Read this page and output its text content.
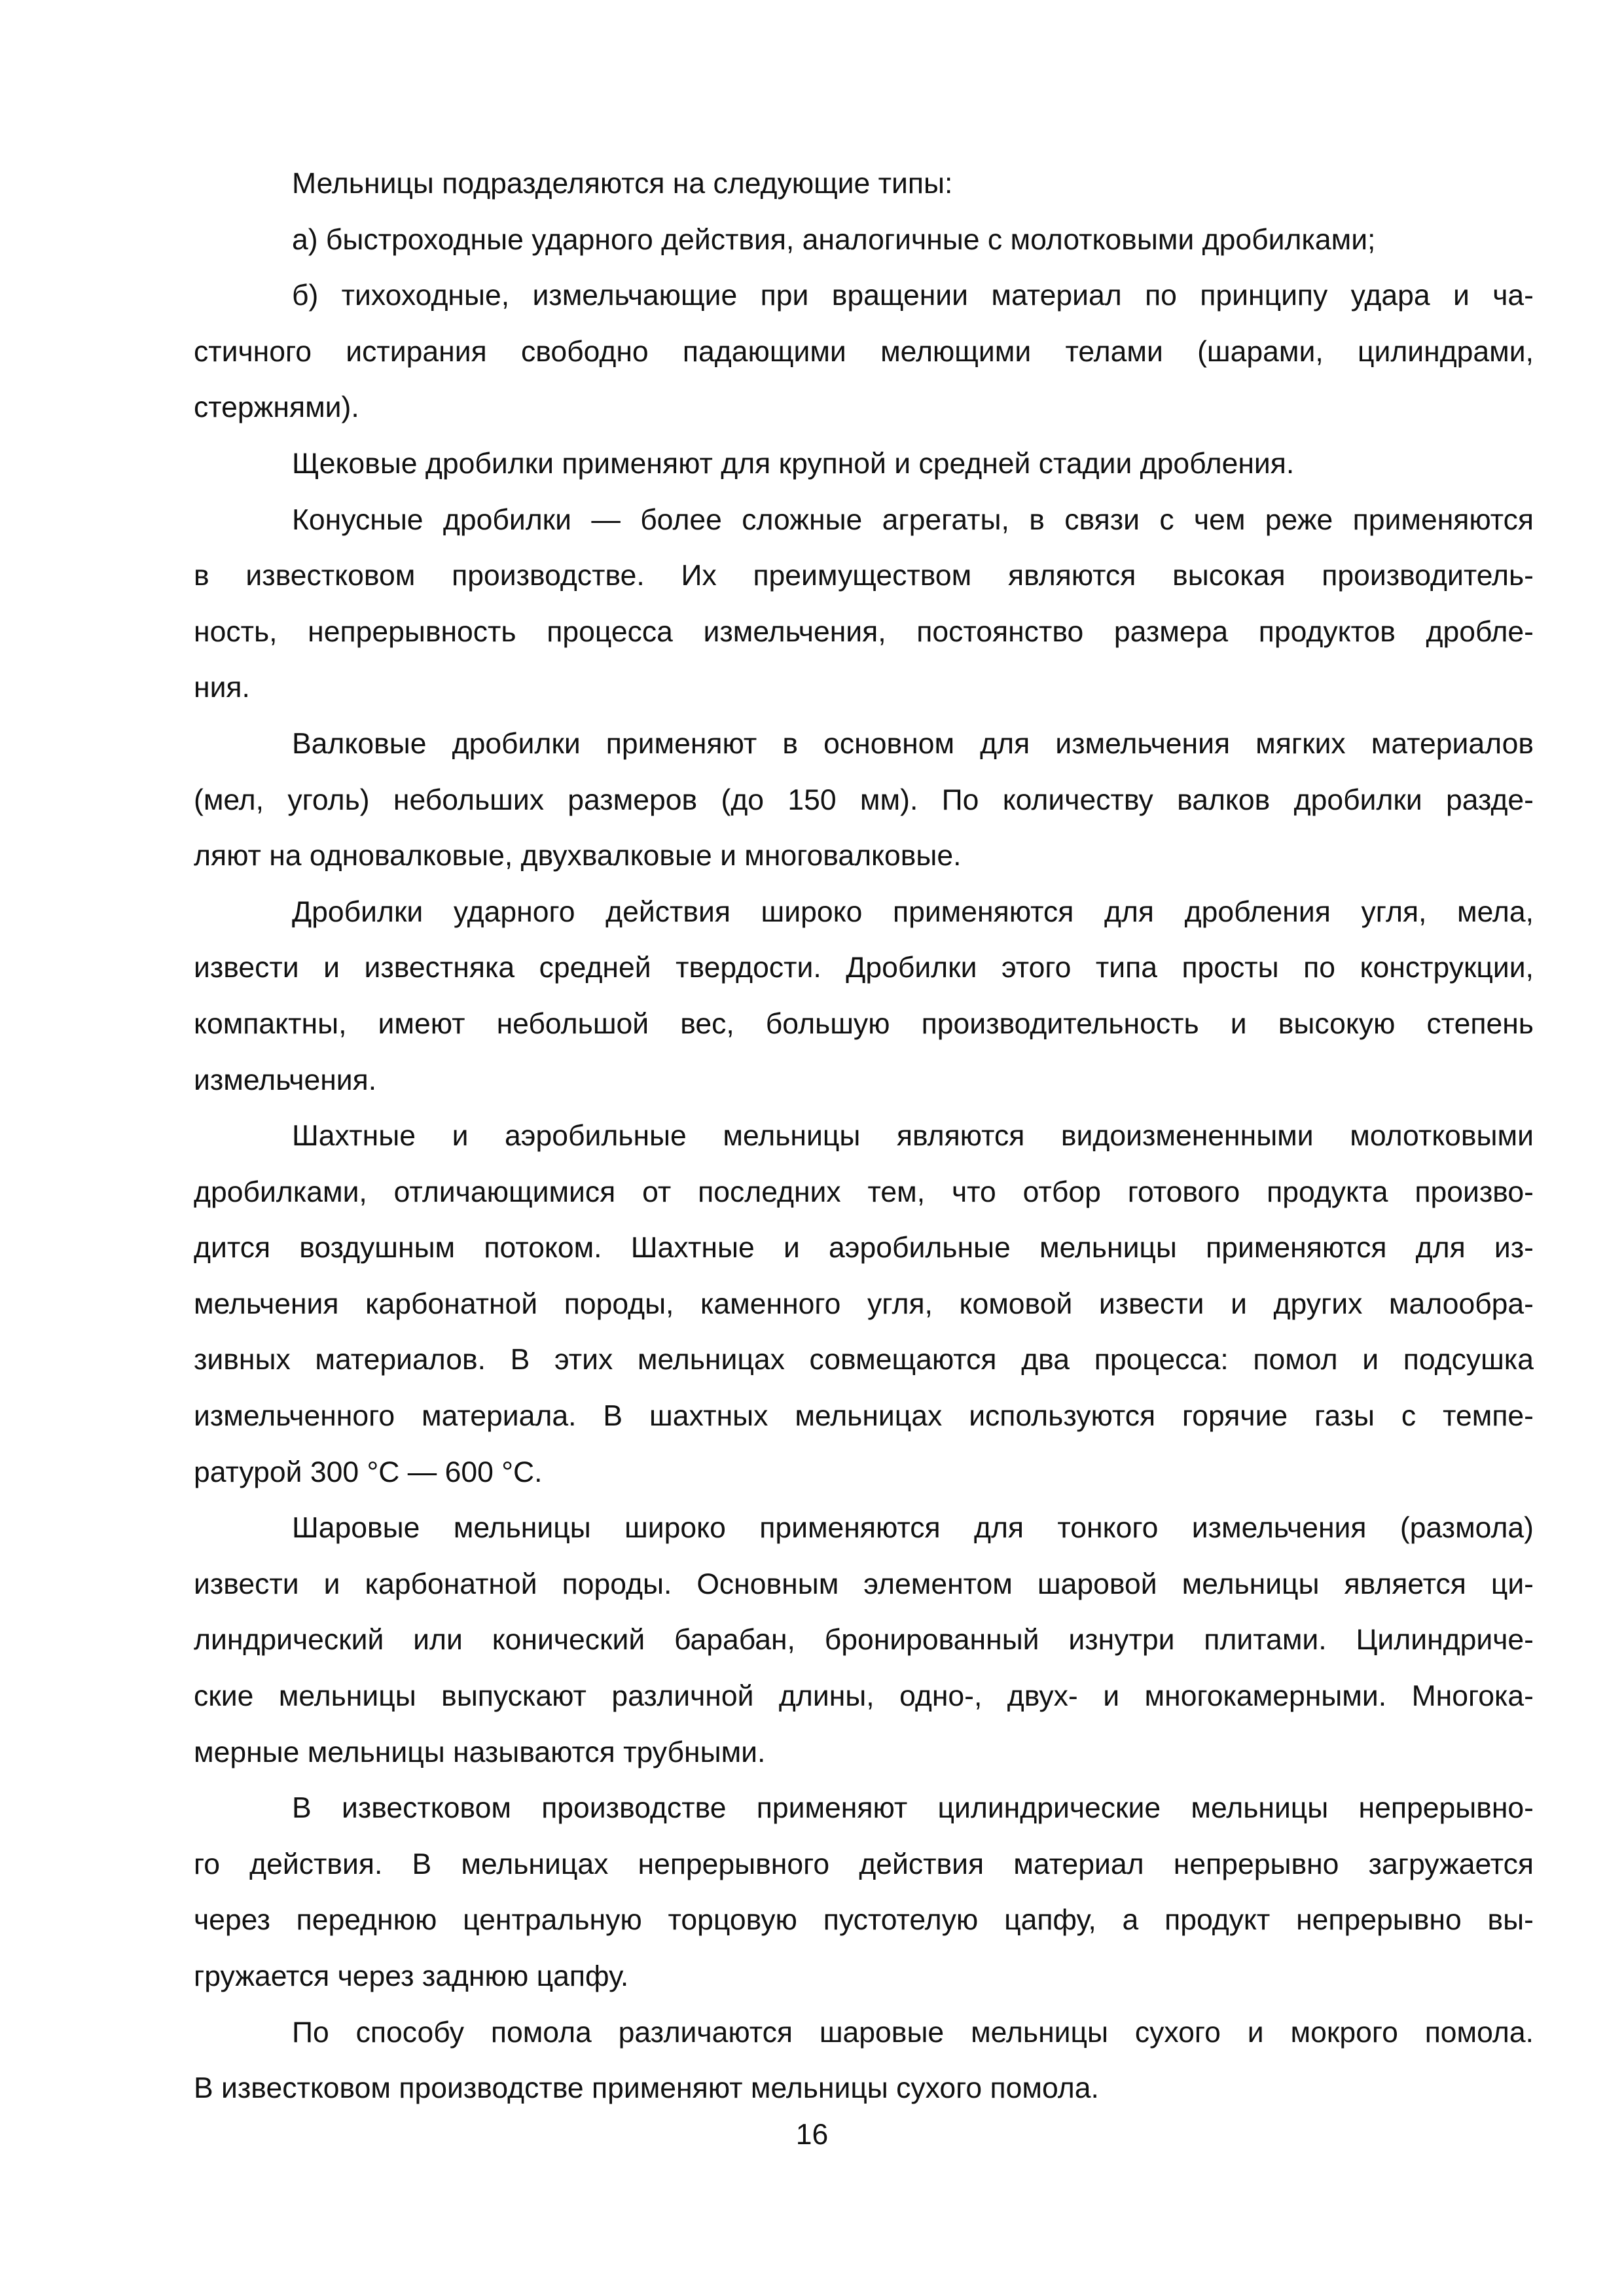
Мельницы подразделяются на следующие типы:
а) быстроходные ударного действия, аналогичные с молотковыми дробилками;
б) тихоходные, измельчающие при вращении материал по принципу удара и ча-
стичного истирания свободно падающими мелющими телами (шарами, цилиндрами,
стержнями).
Щековые дробилки применяют для крупной и средней стадии дробления.
Конусные дробилки — более сложные агрегаты, в связи с чем реже применяются
в известковом производстве. Их преимуществом являются высокая производитель-
ность, непрерывность процесса измельчения, постоянство размера продуктов дробле-
ния.
Валковые дробилки применяют в основном для измельчения мягких материалов
(мел, уголь) небольших размеров (до 150 мм). По количеству валков дробилки разде-
ляют на одновалковые, двухвалковые и многовалковые.
Дробилки ударного действия широко применяются для дробления угля, мела,
извести и известняка средней твердости. Дробилки этого типа просты по конструкции,
компактны, имеют небольшой вес, большую производительность и высокую степень
измельчения.
Шахтные и аэробильные мельницы являются видоизмененными молотковыми
дробилками, отличающимися от последних тем, что отбор готового продукта произво-
дится воздушным потоком. Шахтные и аэробильные мельницы применяются для из-
мельчения карбонатной породы, каменного угля, комовой извести и других малообра-
зивных материалов. В этих мельницах совмещаются два процесса: помол и подсушка
измельченного материала. В шахтных мельницах используются горячие газы с темпе-
ратурой 300 °С — 600 °С.
Шаровые мельницы широко применяются для тонкого измельчения (размола)
извести и карбонатной породы. Основным элементом шаровой мельницы является ци-
линдрический или конический барабан, бронированный изнутри плитами. Цилиндриче-
ские мельницы выпускают различной длины, одно-, двух- и многокамерными. Многока-
мерные мельницы называются трубными.
В известковом производстве применяют цилиндрические мельницы непрерывно-
го действия. В мельницах непрерывного действия материал непрерывно загружается
через переднюю центральную торцовую пустотелую цапфу, а продукт непрерывно вы-
гружается через заднюю цапфу.
По способу помола различаются шаровые мельницы сухого и мокрого помола.
В известковом производстве применяют мельницы сухого помола.
16
